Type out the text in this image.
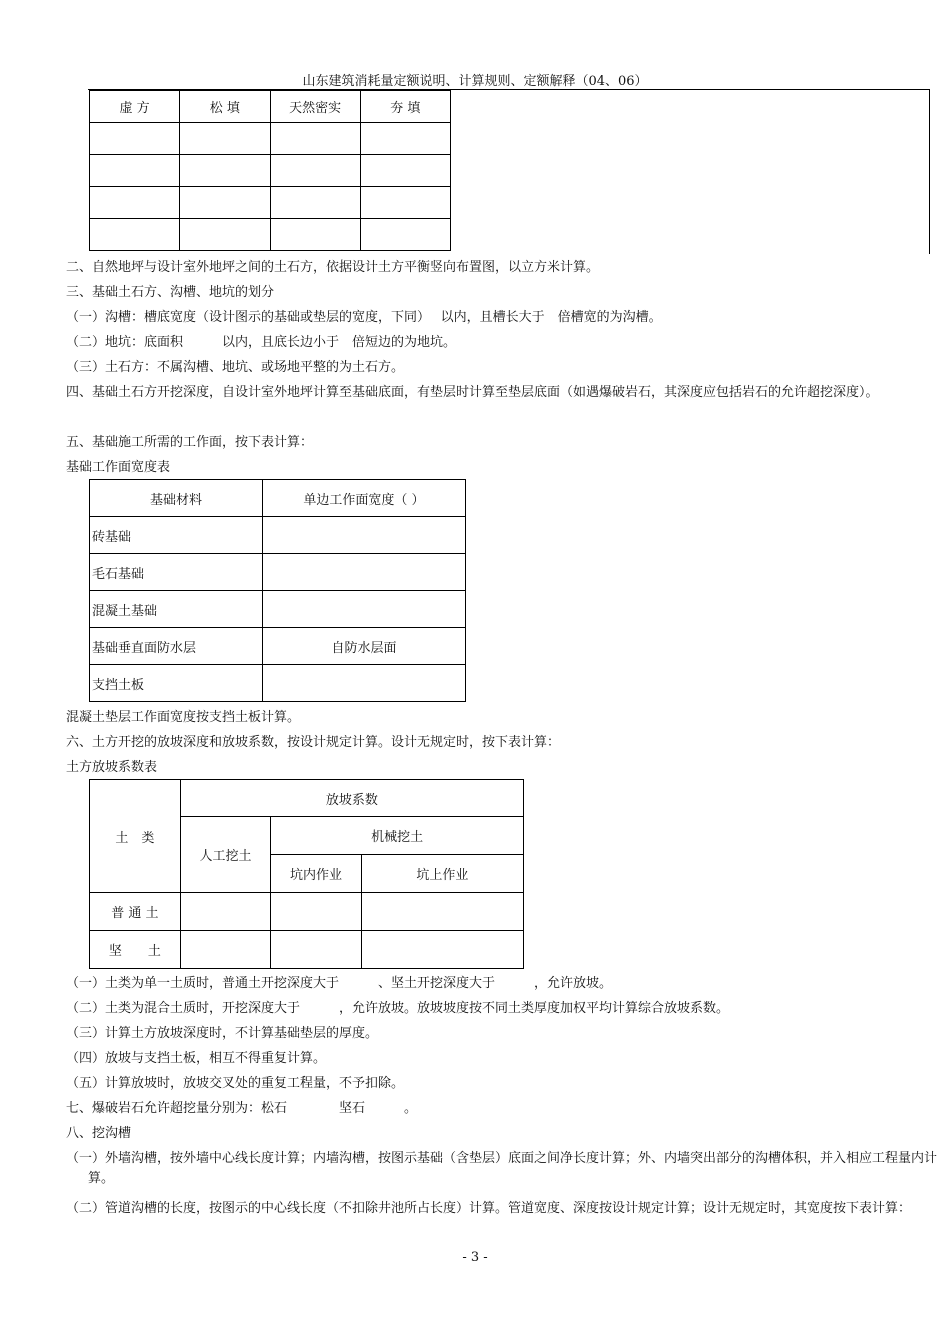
山东建筑消耗量定额说明、计算规则、定额解释（04、06）
虚 方	松 填	天然密实	夯 填

二、自然地坪与设计室外地坪之间的土石方，依据设计土方平衡竖向布置图，以立方米计算。
三、基础土石方、沟槽、地坑的划分
（一）沟槽：槽底宽度（设计图示的基础或垫层的宽度，下同）　 以内，且槽长大于　倍槽宽的为沟槽。
（二）地坑：底面积　　　以内，且底长边小于　倍短边的为地坑。
（三）土石方：不属沟槽、地坑、或场地平整的为土石方。
四、基础土石方开挖深度，自设计室外地坪计算至基础底面，有垫层时计算至垫层底面（如遇爆破岩石，其深度应包括岩石的允许超挖深度）。
五、基础施工所需的工作面，按下表计算：
基础工作面宽度表
基础材料	单边工作面宽度（ ）
砖基础	
毛石基础	
混凝土基础	
基础垂直面防水层	自防水层面
支挡土板	
混凝土垫层工作面宽度按支挡土板计算。
六、土方开挖的放坡深度和放坡系数，按设计规定计算。设计无规定时，按下表计算：
土方放坡系数表
土　类	放坡系数		
	人工挖土	机械挖土	
		坑内作业	坑上作业
普 通 土			
坚　　土			
（一）土类为单一土质时，普通土开挖深度大于　　　、坚土开挖深度大于　　　，允许放坡。
（二）土类为混合土质时，开挖深度大于　　　，允许放坡。放坡坡度按不同土类厚度加权平均计算综合放坡系数。
（三）计算土方放坡深度时，不计算基础垫层的厚度。
（四）放坡与支挡土板，相互不得重复计算。
（五）计算放坡时，放坡交叉处的重复工程量，不予扣除。
七、爆破岩石允许超挖量分别为：松石　　　　坚石　　　。
八、挖沟槽
（一）外墙沟槽，按外墙中心线长度计算；内墙沟槽，按图示基础（含垫层）底面之间净长度计算；外、内墙突出部分的沟槽体积，并入相应工程量内计算。
（二）管道沟槽的长度，按图示的中心线长度（不扣除井池所占长度）计算。管道宽度、深度按设计规定计算；设计无规定时，其宽度按下表计算：
- 3 -
